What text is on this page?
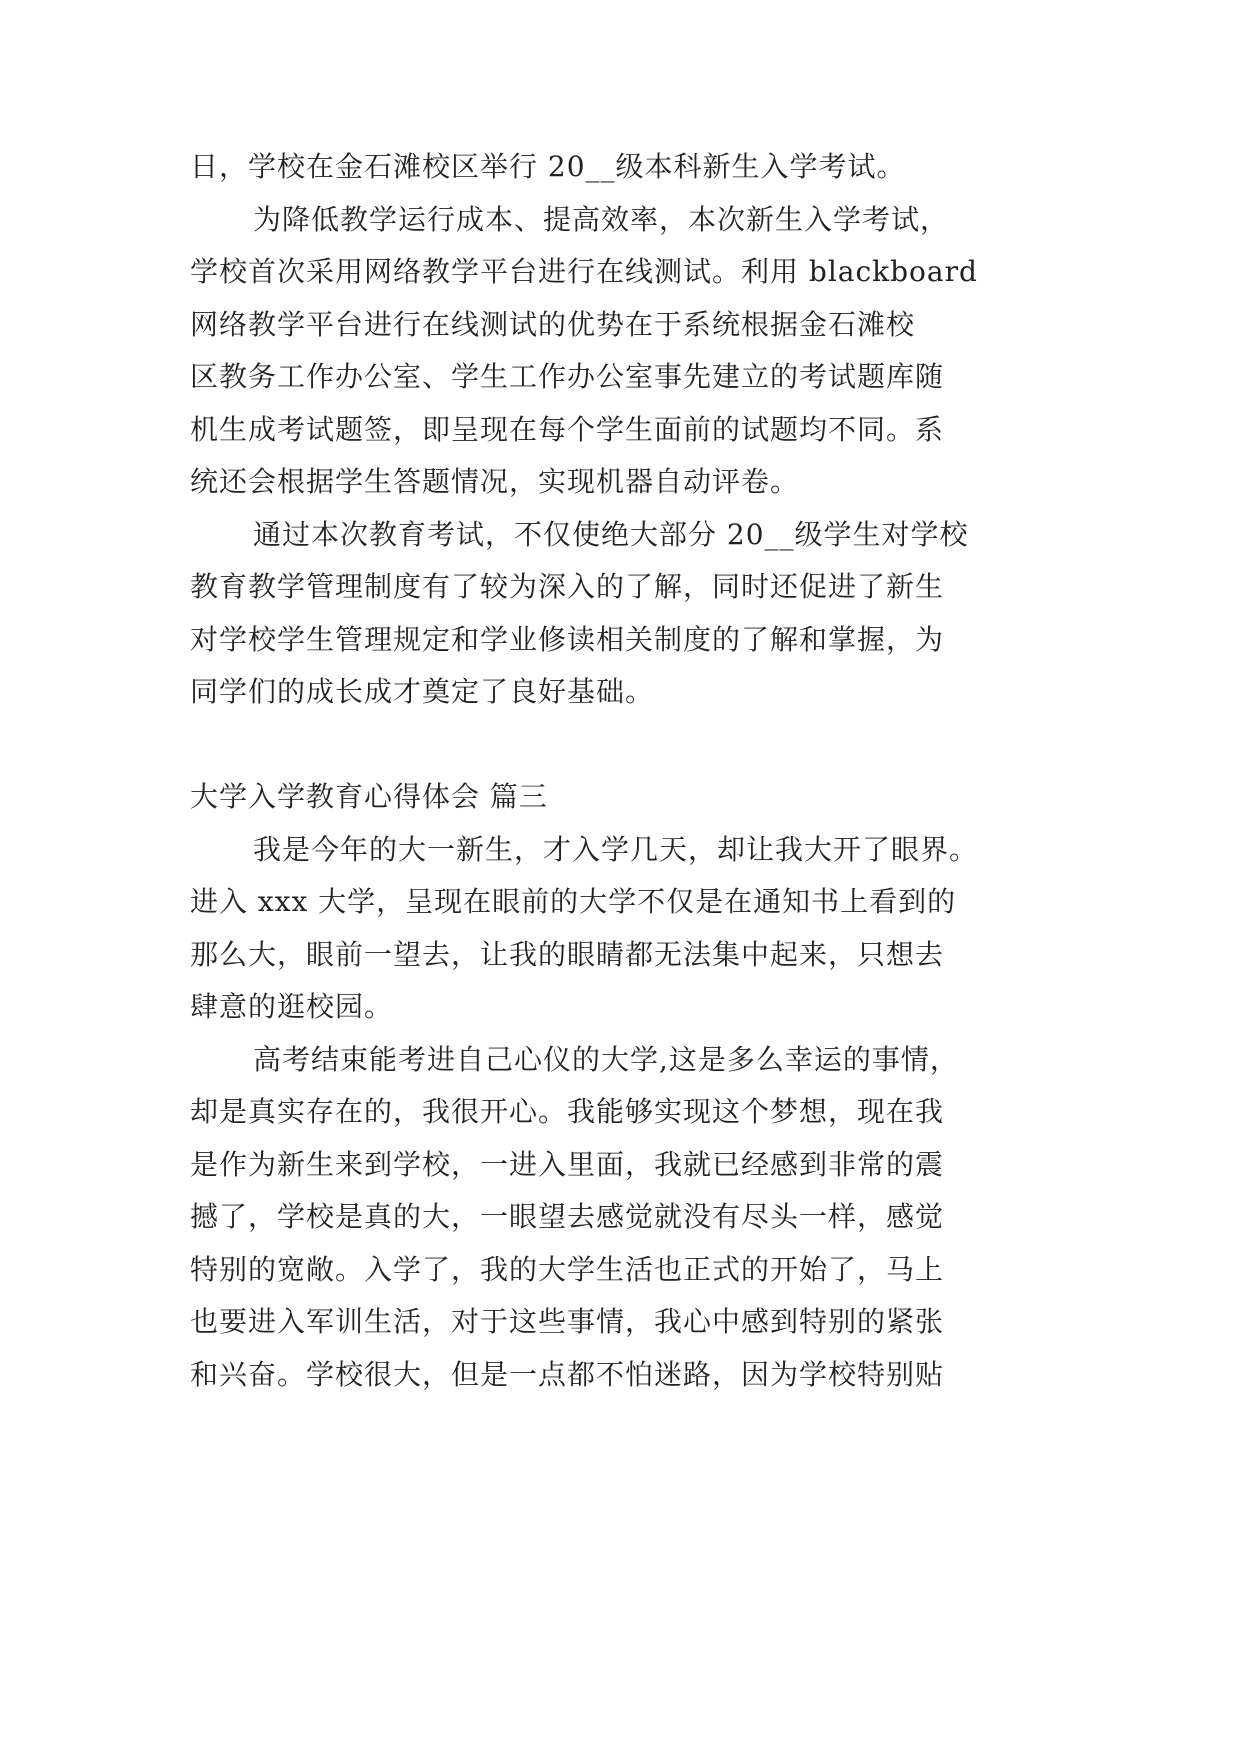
日，学校在金石滩校区举行 20__级本科新生入学考试。
为降低教学运行成本、提高效率，本次新生入学考试，
学校首次采用网络教学平台进行在线测试。利用 blackboard
网络教学平台进行在线测试的优势在于系统根据金石滩校
区教务工作办公室、学生工作办公室事先建立的考试题库随
机生成考试题签，即呈现在每个学生面前的试题均不同。系
统还会根据学生答题情况，实现机器自动评卷。
通过本次教育考试，不仅使绝大部分 20__级学生对学校
教育教学管理制度有了较为深入的了解，同时还促进了新生
对学校学生管理规定和学业修读相关制度的了解和掌握，为
同学们的成长成才奠定了良好基础。
大学入学教育心得体会 篇三
我是今年的大一新生，才入学几天，却让我大开了眼界。
进入 xxx 大学，呈现在眼前的大学不仅是在通知书上看到的
那么大，眼前一望去，让我的眼睛都无法集中起来，只想去
肆意的逛校园。
高考结束能考进自己心仪的大学,这是多么幸运的事情，
却是真实存在的，我很开心。我能够实现这个梦想，现在我
是作为新生来到学校，一进入里面，我就已经感到非常的震
撼了，学校是真的大，一眼望去感觉就没有尽头一样，感觉
特别的宽敞。入学了，我的大学生活也正式的开始了，马上
也要进入军训生活，对于这些事情，我心中感到特别的紧张
和兴奋。学校很大，但是一点都不怕迷路，因为学校特别贴
